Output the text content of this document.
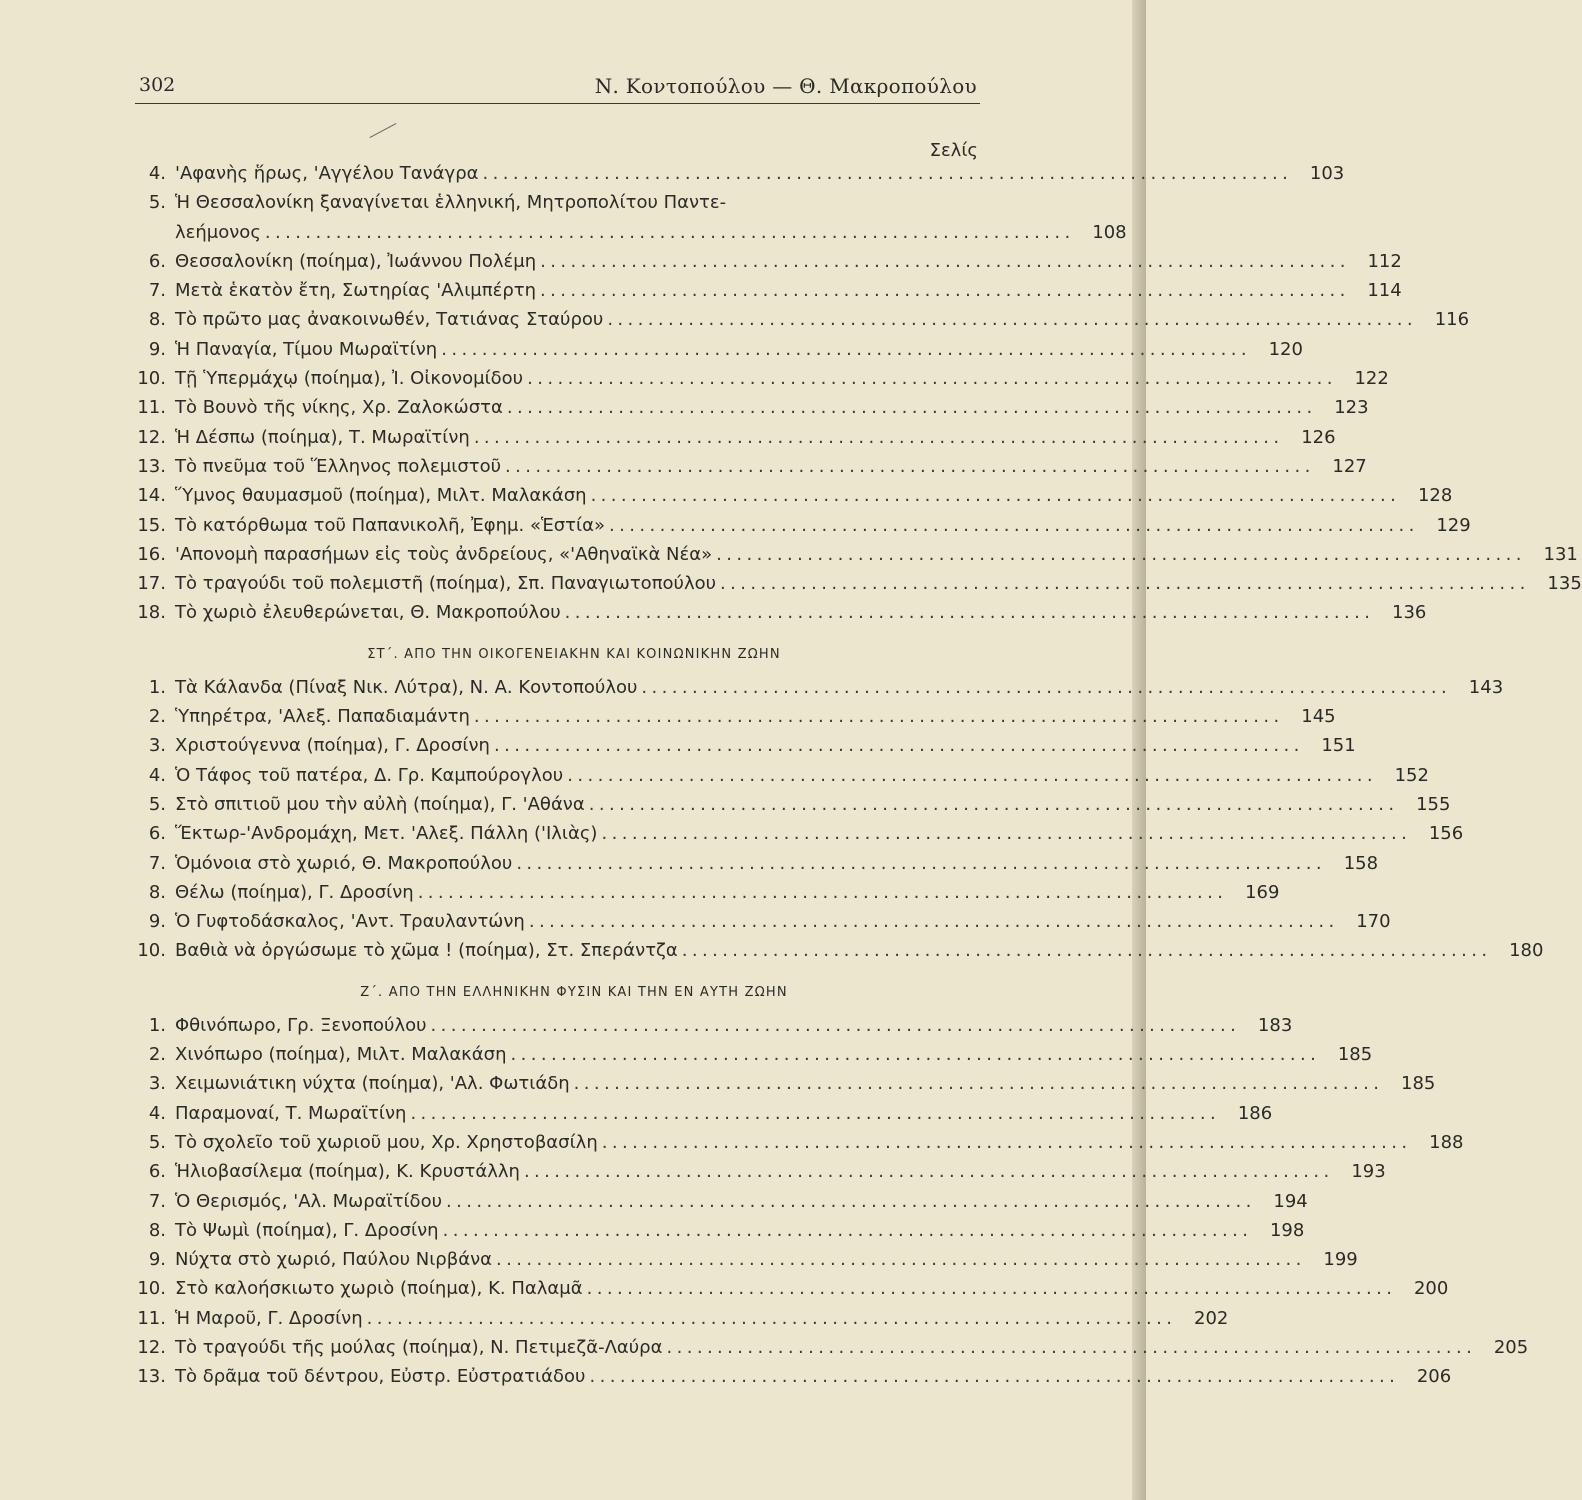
302	Ν. Κοντοπούλου — Θ. Μακροπούλου
Σελίς
4. 'Αφανὴς ἥρως, 'Αγγέλου Τανάγρα ................................................................................ 103
5. Ἡ Θεσσαλονίκη ξαναγίνεται ἑλληνική, Μητροπολίτου Παντε-
λεήμονος ................................................................................ 108
6. Θεσσαλονίκη (ποίημα), Ἰωάννου Πολέμη ................................................................................ 112
7. Μετὰ ἑκατὸν ἔτη, Σωτηρίας 'Αλιμπέρτη ................................................................................ 114
8. Τὸ πρῶτο μας ἀνακοινωθέν, Τατιάνας Σταύρου ................................................................................ 116
9. Ἡ Παναγία, Τίμου Μωραϊτίνη ................................................................................ 120
10. Τῇ Ὑπερμάχῳ (ποίημα), Ἰ. Οἰκονομίδου ................................................................................ 122
11. Τὸ Βουνὸ τῆς νίκης, Χρ. Ζαλοκώστα ................................................................................ 123
12. Ἡ Δέσπω (ποίημα), Τ. Μωραϊτίνη ................................................................................ 126
13. Τὸ πνεῦμα τοῦ Ἕλληνος πολεμιστοῦ ................................................................................ 127
14. Ὕμνος θαυμασμοῦ (ποίημα), Μιλτ. Μαλακάση ................................................................................ 128
15. Τὸ κατόρθωμα τοῦ Παπανικολῆ, Ἐφημ. «Ἑστία» ................................................................................ 129
16. 'Απονομὴ παρασήμων εἰς τοὺς ἀνδρείους, «'Αθηναϊκὰ Νέα» ................................................................................ 131
17. Τὸ τραγούδι τοῦ πολεμιστῆ (ποίημα), Σπ. Παναγιωτοπούλου ................................................................................ 135
18. Τὸ χωριὸ ἐλευθερώνεται, Θ. Μακροπούλου ................................................................................ 136
ΣΤ΄. ΑΠΟ ΤΗΝ ΟΙΚΟΓΕΝΕΙΑΚΗΝ ΚΑΙ ΚΟΙΝΩΝΙΚΗΝ ΖΩΗΝ
1. Τὰ Κάλανδα (Πίναξ Νικ. Λύτρα), Ν. Α. Κοντοπούλου ................................................................................ 143
2. Ὑπηρέτρα, 'Αλεξ. Παπαδιαμάντη ................................................................................ 145
3. Χριστούγεννα (ποίημα), Γ. Δροσίνη ................................................................................ 151
4. Ὁ Τάφος τοῦ πατέρα, Δ. Γρ. Καμπούρογλου ................................................................................ 152
5. Στὸ σπιτιοῦ μου τὴν αὐλὴ (ποίημα), Γ. 'Αθάνα ................................................................................ 155
6. Ἕκτωρ-'Ανδρομάχη, Μετ. 'Αλεξ. Πάλλη ('Ιλιὰς) ................................................................................ 156
7. Ὁμόνοια στὸ χωριό, Θ. Μακροπούλου ................................................................................ 158
8. Θέλω (ποίημα), Γ. Δροσίνη ................................................................................ 169
9. Ὁ Γυφτοδάσκαλος, 'Αντ. Τραυλαντώνη ................................................................................ 170
10. Βαθιὰ νὰ ὀργώσωμε τὸ χῶμα ! (ποίημα), Στ. Σπεράντζα ................................................................................ 180
Ζ΄. ΑΠΟ ΤΗΝ ΕΛΛΗΝΙΚΗΝ ΦΥΣΙΝ ΚΑΙ ΤΗΝ ΕΝ ΑΥΤΗ ΖΩΗΝ
1. Φθινόπωρο, Γρ. Ξενοπούλου ................................................................................ 183
2. Χινόπωρο (ποίημα), Μιλτ. Μαλακάση ................................................................................ 185
3. Χειμωνιάτικη νύχτα (ποίημα), 'Αλ. Φωτιάδη ................................................................................ 185
4. Παραμοναί, Τ. Μωραϊτίνη ................................................................................ 186
5. Τὸ σχολεῖο τοῦ χωριοῦ μου, Χρ. Χρηστοβασίλη ................................................................................ 188
6. Ἡλιοβασίλεμα (ποίημα), Κ. Κρυστάλλη ................................................................................ 193
7. Ὁ Θερισμός, 'Αλ. Μωραϊτίδου ................................................................................ 194
8. Τὸ Ψωμὶ (ποίημα), Γ. Δροσίνη ................................................................................ 198
9. Νύχτα στὸ χωριό, Παύλου Νιρβάνα ................................................................................ 199
10. Στὸ καλοήσκιωτο χωριὸ (ποίημα), Κ. Παλαμᾶ ................................................................................ 200
11. Ἡ Μαροῦ, Γ. Δροσίνη ................................................................................ 202
12. Τὸ τραγούδι τῆς μούλας (ποίημα), Ν. Πετιμεζᾶ-Λαύρα ................................................................................ 205
13. Τὸ δρᾶμα τοῦ δέντρου, Εὐστρ. Εὐστρατιάδου ................................................................................ 206
